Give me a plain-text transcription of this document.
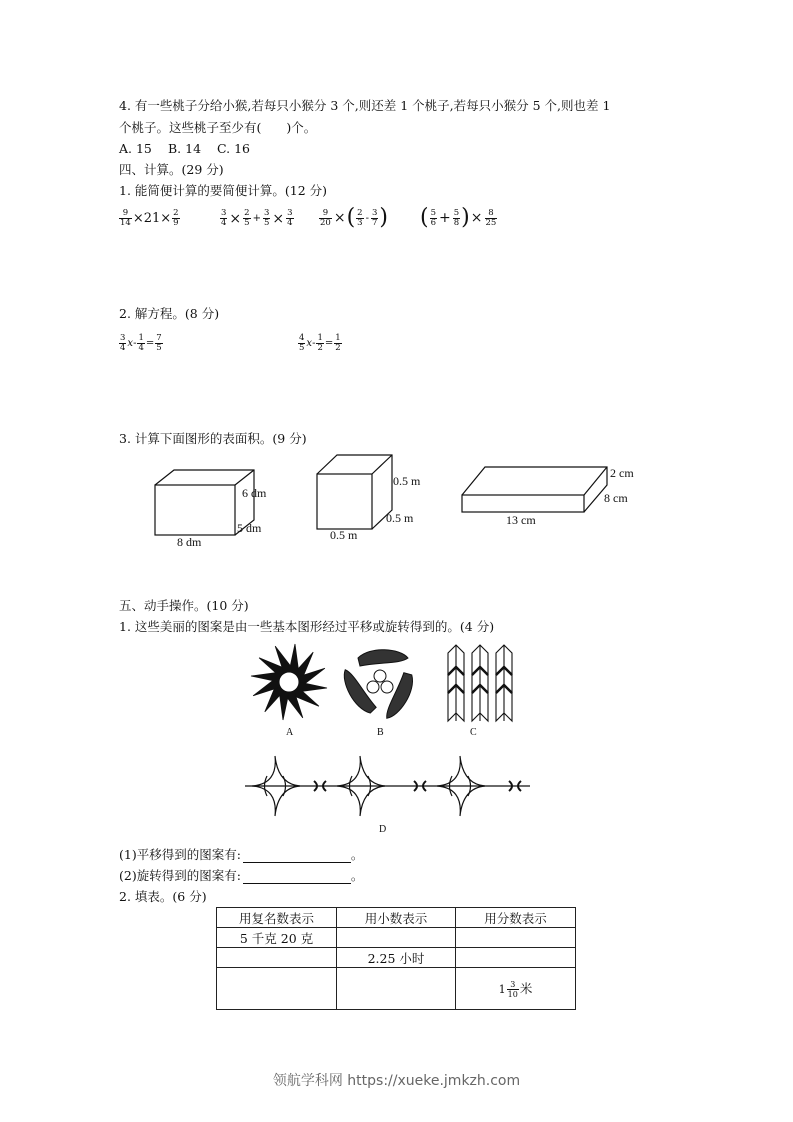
4. 有一些桃子分给小猴,若每只小猴分 3 个,则还差 1 个桃子,若每只小猴分 5 个,则也差 1
个桃子。这些桃子至少有(　　)个。
A. 15 B. 14 C. 16
四、计算。(29 分)
1. 能简便计算的要简便计算。(12 分)
$\frac{9}{14} \times 21\times \frac{2}{9}$	$\frac{3}{4} \times \frac{2}{5} + \frac{3}{5} \times \frac{3}{4}$	$\frac{9}{20}$ × ( $\frac{2}{3} - \frac{3}{7}$ ) ( $\frac{5}{6} + \frac{5}{8}$ ) × $\frac{8}{25}$
2. 解方程。(8 分)
$\frac{3}{4}$ $x - \frac{1}{4} = \frac{7}{5}$	$\frac{4}{5}$ $x - \frac{1}{2} = \frac{1}{2}$
3. 计算下面图形的表面积。(9 分)
6 dm
5 dm
8 dm
0.5 m
0.5 m
0.5 m
2 cm
8 cm
13 cm
五、动手操作。(10 分)
1. 这些美丽的图案是由一些基本图形经过平移或旋转得到的。(4 分)
A	B	C
D
(1)平移得到的图案有:	。
(2)旋转得到的图案有:	。
2. 填表。(6 分)
用复名数表示	用小数表示	用分数表示
5 千克 20 克		
	2.25 小时	
		$1 \frac{3}{10}$ 米
领航学科网 https://xueke.jmkzh.com
